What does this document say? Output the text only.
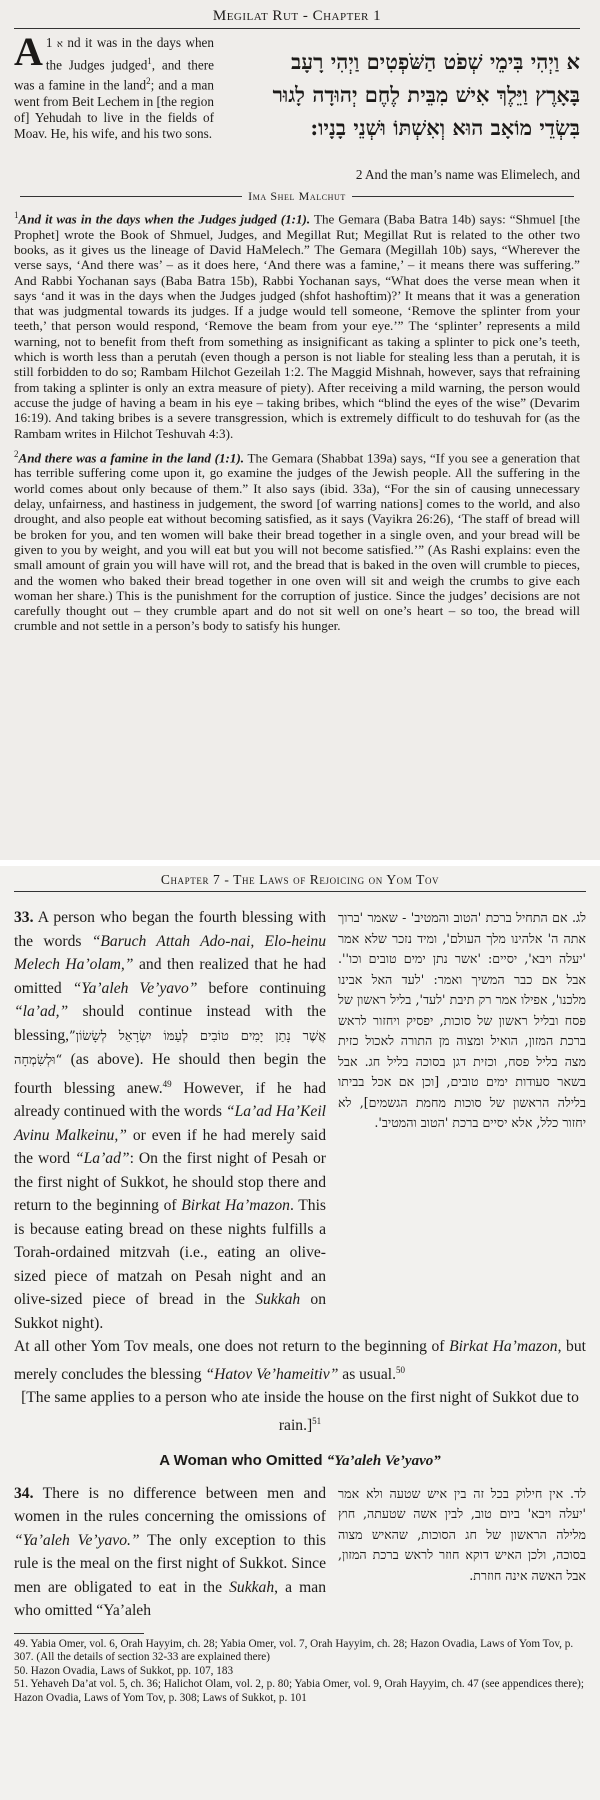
Megilat Rut - Chapter 1
1 א
A nd it was in the days when the Judges judged$^1$, and there was a famine in the land$^2$; and a man went from Beit Lechem in [the region of] Yehudah to live in the fields of Moav. He, his wife, and his two sons.
א וַיְהִי בִּימֵי שְׁפֹט הַשֹּׁפְטִים וַיְהִי רָעָב
בָּאָרֶץ וַיֵּלֶךְ אִישׁ מִבֵּית לֶחֶם יְהוּדָה לָגוּר
בִּשְׂדֵי מוֹאָב הוּא וְאִשְׁתּוֹ וּשְׁנֵי בָנָיו:
2 And the man’s name was Elimelech, and
Ima Shel Malchut

$^1$And it was in the days when the Judges judged (1:1). The Gemara (Baba Batra 14b) says: “Shmuel [the Prophet] wrote the Book of Shmuel, Judges, and Megillat Rut; Megillat Rut is related to the other two books, as it gives us the lineage of David HaMelech.” The Gemara (Megillah 10b) says, “Wherever the verse says, ‘And there was’ – as it does here, ‘And there was a famine,’ – it means there was suffering.” And Rabbi Yochanan says (Baba Batra 15b), Rabbi Yochanan says, “What does the verse mean when it says ‘and it was in the days when the Judges judged (shfot hashoftim)?’ It means that it was a generation that was judgmental towards its judges. If a judge would tell someone, ‘Remove the splinter from your teeth,’ that person would respond, ‘Remove the beam from your eye.’” The ‘splinter’ represents a mild warning, not to benefit from theft from something as insignificant as taking a splinter to pick one’s teeth, which is worth less than a perutah (even though a person is not liable for stealing less than a perutah, it is still forbidden to do so; Rambam Hilchot Gezeilah 1:2. The Maggid Mishnah, however, says that refraining from taking a splinter is only an extra measure of piety). After receiving a mild warning, the person would accuse the judge of having a beam in his eye – taking bribes, which “blind the eyes of the wise” (Devarim 16:19). And taking bribes is a severe transgression, which is extremely difficult to do teshuvah for (as the Rambam writes in Hilchot Teshuvah 4:3).

$^2$And there was a famine in the land (1:1). The Gemara (Shabbat 139a) says, “If you see a generation that has terrible suffering come upon it, go examine the judges of the Jewish people. All the suffering in the world comes about only because of them.” It also says (ibid. 33a), “For the sin of causing unnecessary delay, unfairness, and hastiness in judgement, the sword [of warring nations] comes to the world, and also drought, and also people eat without becoming satisfied, as it says (Vayikra 26:26), ‘The staff of bread will be broken for you, and ten women will bake their bread together in a single oven, and your bread will be given to you by weight, and you will eat but you will not become satisfied.’” (As Rashi explains: even the small amount of grain you will have will rot, and the bread that is baked in the oven will crumble to pieces, and the women who baked their bread together in one oven will sit and weigh the crumbs to give each woman her share.) This is the punishment for the corruption of justice. Since the judges’ decisions are not carefully thought out – they crumble apart and do not sit well on one’s heart – so too, the bread will crumble and not settle in a person’s body to satisfy his hunger.

Chapter 7 - The Laws of Rejoicing on Yom Tov
33. A person who began the fourth blessing with the words “Baruch Attah Ado-nai, Elo-heinu Melech Ha’olam,” and then realized that he had omitted “Ya’aleh Ve’yavo” before continuing “la’ad,” should continue instead with the blessing,”אֲשֶׁר נָתַן יָמִים טוֹבִים לְעַמּוֹ יִשְׂרָאֵל לְשָׂשׂוֹן וּלְשִׂמְחָה“ (as above). He should then begin the fourth blessing anew.$^{49}$ However, if he had already continued with the words “La’ad Ha’Keil Avinu Malkeinu,” or even if he had merely said the word “La’ad”: On the first night of Pesah or the first night of Sukkot, he should stop there and return to the beginning of Birkat Ha’mazon. This is because eating bread on these nights fulfills a Torah-ordained mitzvah (i.e., eating an olive-sized piece of matzah on Pesah night and an olive-sized piece of bread in the Sukkah on Sukkot night).
לג. אם התחיל ברכת 'הטוב והמטיב' - שאמר 'ברוך אתה ה' אלהינו מלך העולם', ומיד נזכר שלא אמר 'יעלה ויבא', יסיים: 'אשר נתן ימים טובים וכו''. אבל אם כבר המשיך ואמר: 'לעד האל אבינו מלכנו', אפילו אמר רק תיבת 'לעד', בליל ראשון של פסח ובליל ראשון של סוכות, יפסיק ויחזור לראש ברכת המזון, הואיל ומצוה מן התורה לאכול כזית מצה בליל פסח, וכזית דגן בסוכה בליל חג. אבל בשאר סעודות ימים טובים, [וכן אם אכל בביתו בלילה הראשון של סוכות מחמת הגשמים], לא יחזור כלל, אלא יסיים ברכת 'הטוב והמטיב'.
At all other Yom Tov meals, one does not return to the beginning of Birkat Ha’mazon, but merely concludes the blessing “Hatov Ve’hameitiv” as usual.$^{50}$
[The same applies to a person who ate inside the house on the first night of Sukkot due to rain.]$^{51}$
A Woman who Omitted “Ya’aleh Ve’yavo”
34. There is no difference between men and women in the rules concerning the omissions of “Ya’aleh Ve’yavo.” The only exception to this rule is the meal on the first night of Sukkot. Since men are obligated to eat in the Sukkah, a man who omitted “Ya’aleh
לד. אין חילוק בכל זה בין איש שטעה ולא אמר 'יעלה ויבא' ביום טוב, לבין אשה שטעתה, חוץ מלילה הראשון של חג הסוכות, שהאיש מצוה בסוכה, ולכן האיש דוקא חוזר לראש ברכת המזון, אבל האשה אינה חוזרת.

49. Yabia Omer, vol. 6, Orah Hayyim, ch. 28; Yabia Omer, vol. 7, Orah Hayyim, ch. 28; Hazon Ovadia, Laws of Yom Tov, p. 307. (All the details of section 32-33 are explained there)

50. Hazon Ovadia, Laws of Sukkot, pp. 107, 183

51. Yehaveh Da’at vol. 5, ch. 36; Halichot Olam, vol. 2, p. 80; Yabia Omer, vol. 9, Orah Hayyim, ch. 47 (see appendices there); Hazon Ovadia, Laws of Yom Tov, p. 308; Laws of Sukkot, p. 101
